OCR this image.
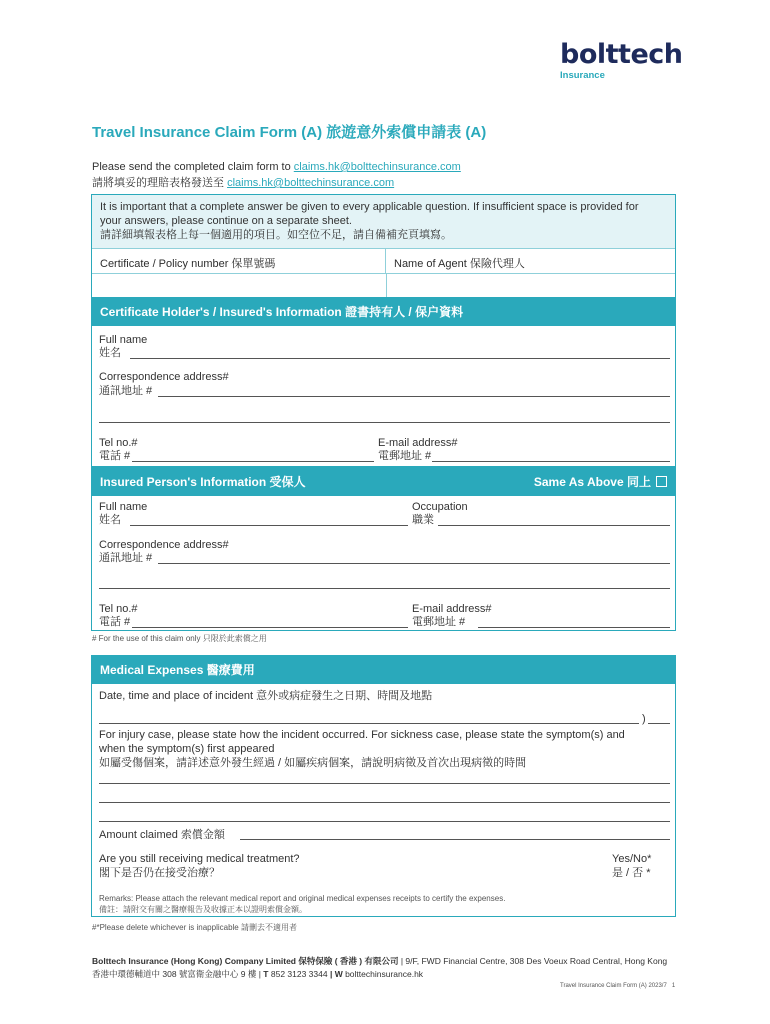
bolttech
Insurance
Travel Insurance Claim Form (A) 旅遊意外索償申請表 (A)
Please send the completed claim form to claims.hk@bolttechinsurance.com
請將填妥的理賠表格發送至 claims.hk@bolttechinsurance.com
It is important that a complete answer be given to every applicable question. If insufficient space is provided for
your answers, please continue on a separate sheet.
請詳細填報表格上每一個適用的項目。如空位不足，請自備補充頁填寫。
Certificate / Policy number 保單號碼	Name of Agent 保險代理人
Certificate Holder's / Insured's Information 證書持有人 / 保户資料
Full name
姓名
Correspondence address#
通訊地址 #
Tel no.#
電話 #
E-mail address#
電郵地址 #
Insured Person's Information 受保人	Same As Above 同上
Full name
姓名
Occupation
職業
Correspondence address#
通訊地址 #
Tel no.#
電話 #
E-mail address#
電郵地址 #
# For the use of this claim only 只限於此索償之用
Medical Expenses 醫療費用
Date, time and place of incident 意外或病症發生之日期、時間及地點
)
For injury case, please state how the incident occurred. For sickness case, please state the symptom(s) and
when the symptom(s) first appeared
如屬受傷個案，請詳述意外發生經過 / 如屬疾病個案，請說明病徵及首次出現病徵的時間
Amount claimed 索償金額
Are you still receiving medical treatment?
閣下是否仍在接受治療？
Yes/No*
是 / 否 *
Remarks: Please attach the relevant medical report and original medical expenses receipts to certify the expenses.
備註：請附交有關之醫療報告及收據正本以證明索償金額。
#*Please delete whichever is inapplicable 請刪去不適用者
Bolttech Insurance (Hong Kong) Company Limited 保特保險 ( 香港 ) 有限公司 | 9/F, FWD Financial Centre, 308 Des Voeux Road Central, Hong Kong
香港中環德輔道中 308 號富衛金融中心 9 樓 | T 852 3123 3344 | W bolttechinsurance.hk
Travel Insurance Claim Form (A) 2023/7 1
